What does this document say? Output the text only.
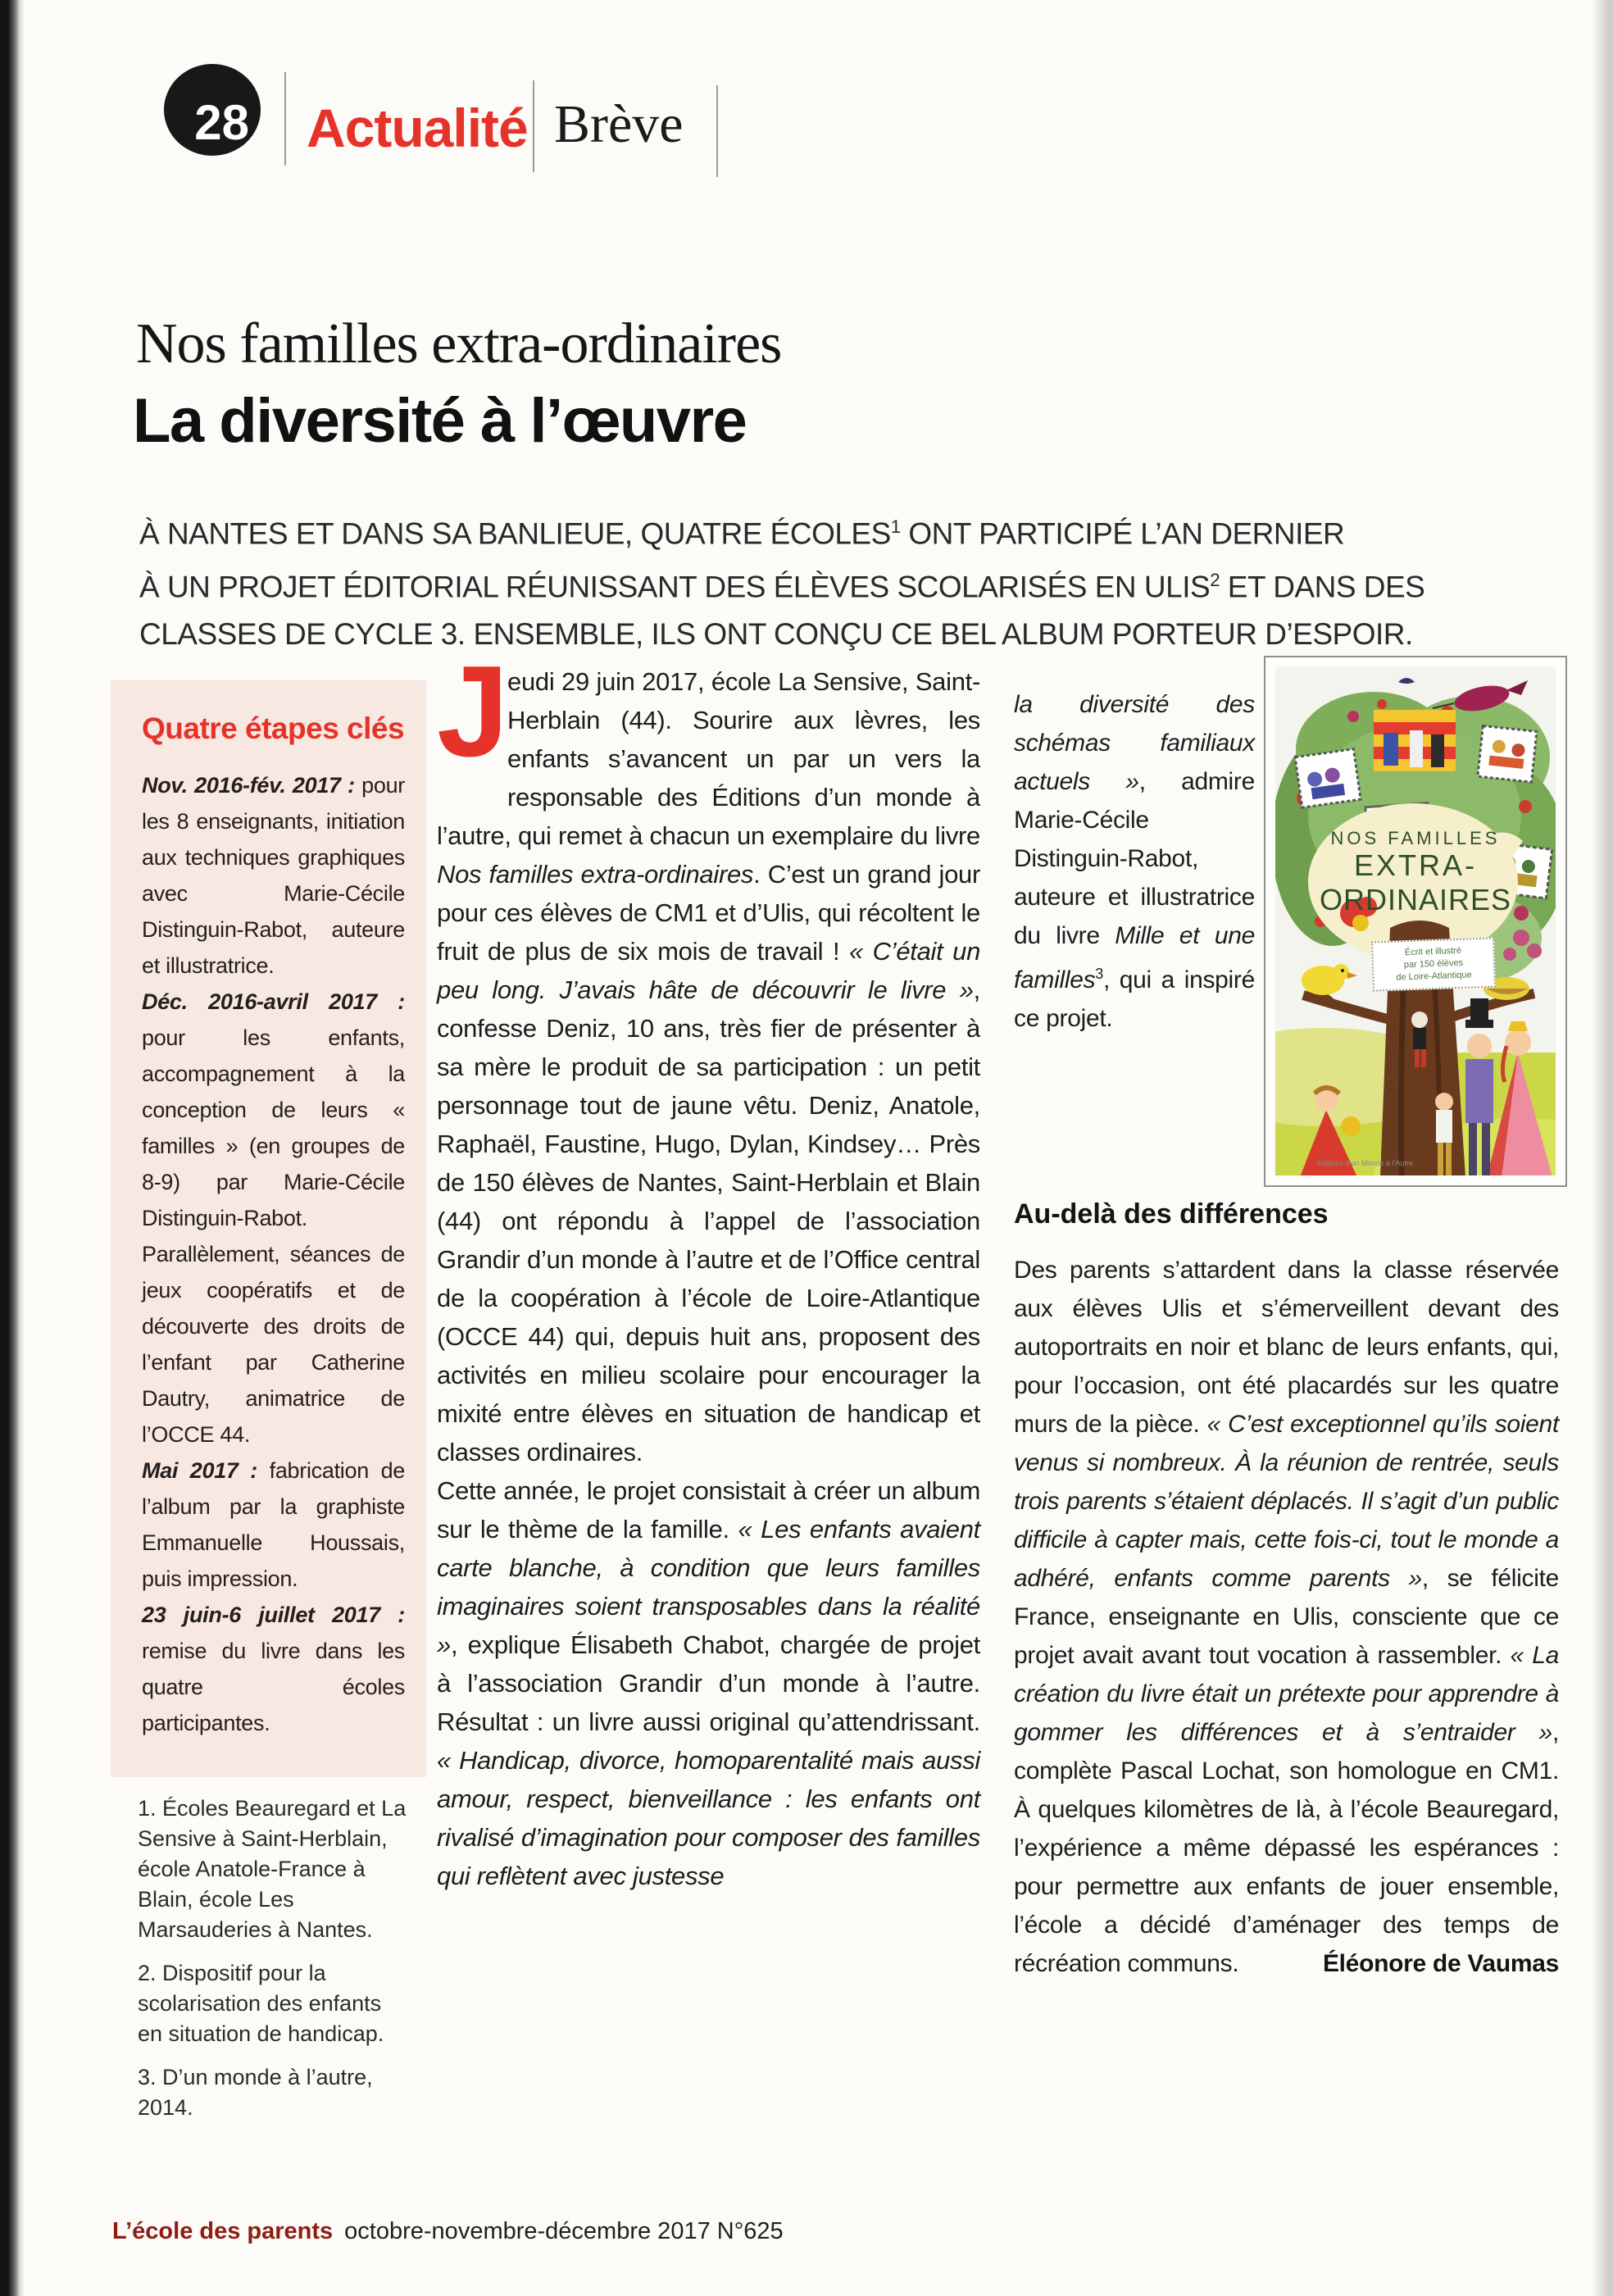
28 Actualité Brève
Nos familles extra-ordinaires
La diversité à l’œuvre
À NANTES ET DANS SA BANLIEUE, QUATRE ÉCOLES$^1$ ONT PARTICIPÉ L’AN DERNIER
À UN PROJET ÉDITORIAL RÉUNISSANT DES ÉLÈVES SCOLARISÉS EN ULIS$^2$ ET DANS DES
CLASSES DE CYCLE 3. ENSEMBLE, ILS ONT CONÇU CE BEL ALBUM PORTEUR D’ESPOIR.
Quatre étapes clés

Nov. 2016-fév. 2017 : pour les 8 enseignants, initiation aux techniques graphiques avec Marie-Cécile Distinguin-Rabot, auteure et illustratrice.

Déc. 2016-avril 2017 : pour les enfants, accompagnement à la conception de leurs « familles » (en groupes de 8-9) par Marie-Cécile Distinguin-Rabot. Parallèlement, séances de jeux coopératifs et de découverte des droits de l’enfant par Catherine Dautry, animatrice de l’OCCE 44.

Mai 2017 : fabrication de l’album par la graphiste Emmanuelle Houssais, puis impression.

23 juin-6 juillet 2017 : remise du livre dans les quatre écoles participantes.

J
eudi 29 juin 2017, école La Sensive, Saint-Herblain (44). Sourire aux lèvres, les enfants s’avancent un par un vers la responsable des Éditions d’un monde à l’autre, qui remet à chacun un exemplaire du livre Nos familles extra-ordinaires. C’est un grand jour pour ces élèves de CM1 et d’Ulis, qui récoltent le fruit de plus de six mois de travail ! « C’était un peu long. J’avais hâte de découvrir le livre », confesse Deniz, 10 ans, très fier de présenter à sa mère le produit de sa participation : un petit personnage tout de jaune vêtu. Deniz, Anatole, Raphaël, Faustine, Hugo, Dylan, Kindsey… Près de 150 élèves de Nantes, Saint-Herblain et Blain (44) ont répondu à l’appel de l’association Grandir d’un monde à l’autre et de l’Office central de la coopération à l’école de Loire-Atlantique (OCCE 44) qui, depuis huit ans, proposent des activités en milieu scolaire pour encourager la mixité entre élèves en situation de handicap et classes ordinaires.

Cette année, le projet consistait à créer un album sur le thème de la famille. « Les enfants avaient carte blanche, à condition que leurs familles imaginaires soient transposables dans la réalité », explique Élisabeth Chabot, chargée de projet à l’association Grandir d’un monde à l’autre. Résultat : un livre aussi original qu’attendrissant. « Handicap, divorce, homoparentalité mais aussi amour, respect, bienveillance : les enfants ont rivalisé d’imagination pour composer des familles qui reflètent avec justesse

la diversité des schémas familiaux actuels », admire Marie-Cécile Distinguin-Rabot, auteure et illustratrice du livre Mille et une familles$^3$, qui a inspiré ce projet.

NOS FAMILLES
EXTRA-
ORDINAIRES
Écrit et illustré
par 150 élèves
de Loire-Atlantique
Éditions d’un Monde à l’Autre
Au-delà des différences

Des parents s’attardent dans la classe réservée aux élèves Ulis et s’émerveillent devant des autoportraits en noir et blanc de leurs enfants, qui, pour l’occasion, ont été placardés sur les quatre murs de la pièce. « C’est exceptionnel qu’ils soient venus si nombreux. À la réunion de rentrée, seuls trois parents s’étaient déplacés. Il s’agit d’un public difficile à capter mais, cette fois-ci, tout le monde a adhéré, enfants comme parents », se félicite France, enseignante en Ulis, consciente que ce projet avait avant tout vocation à rassembler. « La création du livre était un prétexte pour apprendre à gommer les différences et à s’entraider », complète Pascal Lochat, son homologue en CM1. À quelques kilomètres de là, à l’école Beauregard, l’expérience a même dépassé les espérances : pour permettre aux enfants de jouer ensemble, l’école a décidé d’aménager des temps de récréation communs.	Éléonore de Vaumas

1. Écoles Beauregard et La Sensive à Saint-Herblain, école Anatole-France à Blain, école Les Marsauderies à Nantes.

2. Dispositif pour la scolarisation des enfants en situation de handicap.

3. D’un monde à l’autre, 2014.

L’école des parents octobre-novembre-décembre 2017 N°625
